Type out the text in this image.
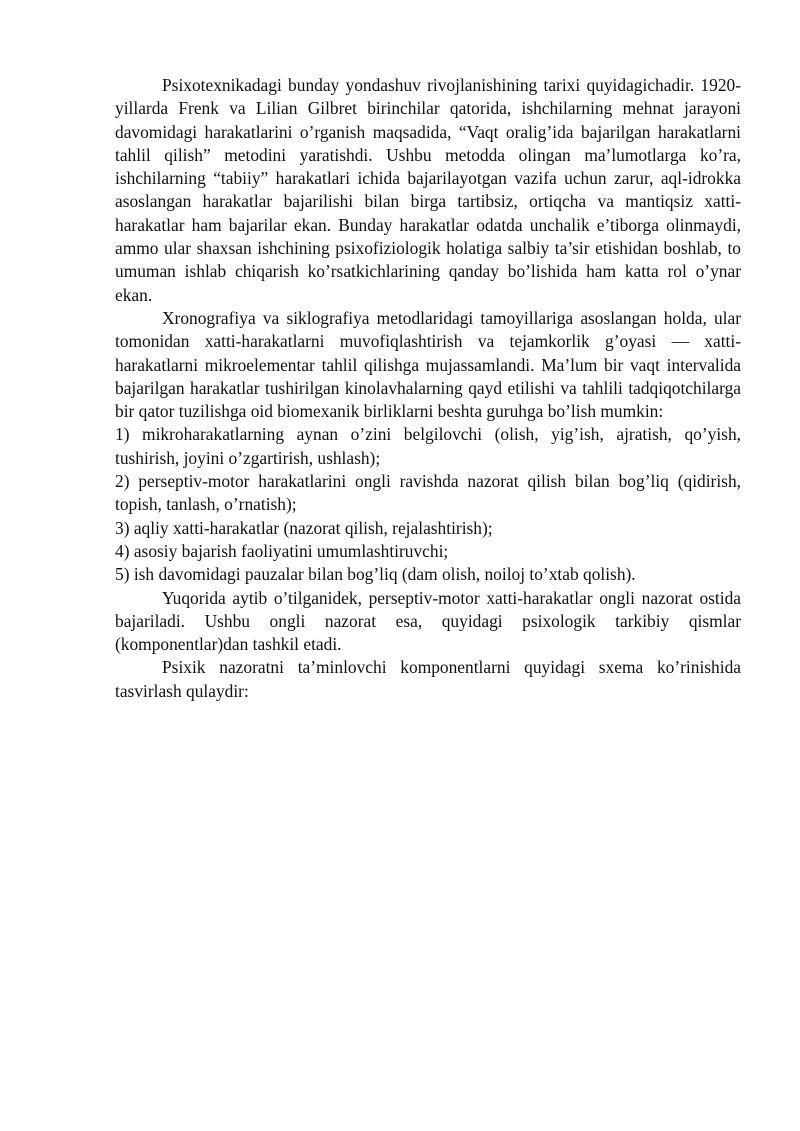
Psixotexnikadagi bunday yondashuv rivojlanishining tarixi quyidagichadir. 1920-yillarda Frenk va Lilian Gilbret birinchilar qatorida, ishchilarning mehnat jarayoni davomidagi harakatlarini o’rganish maqsadida, “Vaqt oralig’ida bajarilgan harakatlarni tahlil qilish” metodini yaratishdi. Ushbu metodda olingan ma’lumotlarga ko’ra, ishchilarning “tabiiy” harakatlari ichida bajarilayotgan vazifa uchun zarur, aql-idrokka asoslangan harakatlar bajarilishi bilan birga tartibsiz, ortiqcha va mantiqsiz xatti-harakatlar ham bajarilar ekan. Bunday harakatlar odatda unchalik e’tiborga olinmaydi, ammo ular shaxsan ishchining psixofiziologik holatiga salbiy ta’sir etishidan boshlab, to umuman ishlab chiqarish ko’rsatkichlarining qanday bo’lishida ham katta rol o’ynar ekan.

Xronografiya va siklografiya metodlaridagi tamoyillariga asoslangan holda, ular tomonidan xatti-harakatlarni muvofiqlashtirish va tejamkorlik g’oyasi — xatti-harakatlarni mikroelementar tahlil qilishga mujassamlandi. Ma’lum bir vaqt intervalida bajarilgan harakatlar tushirilgan kinolavhalarning qayd etilishi va tahlili tadqiqotchilarga bir qator tuzilishga oid biomexanik birliklarni beshta guruhga bo’lish mumkin:

1) mikroharakatlarning aynan o’zini belgilovchi (olish, yig’ish, ajratish, qo’yish, tushirish, joyini o’zgartirish, ushlash);

2) perseptiv-motor harakatlarini ongli ravishda nazorat qilish bilan bog’liq (qidirish, topish, tanlash, o’rnatish);

3) aqliy xatti-harakatlar (nazorat qilish, rejalashtirish);

4) asosiy bajarish faoliyatini umumlashtiruvchi;

5) ish davomidagi pauzalar bilan bog’liq (dam olish, noiloj to’xtab qolish).

Yuqorida aytib o’tilganidek, perseptiv-motor xatti-harakatlar ongli nazorat ostida bajariladi. Ushbu ongli nazorat esa, quyidagi psixologik tarkibiy qismlar (komponentlar)dan tashkil etadi.

Psixik nazoratni ta’minlovchi komponentlarni quyidagi sxema ko’rinishida tasvirlash qulaydir:
